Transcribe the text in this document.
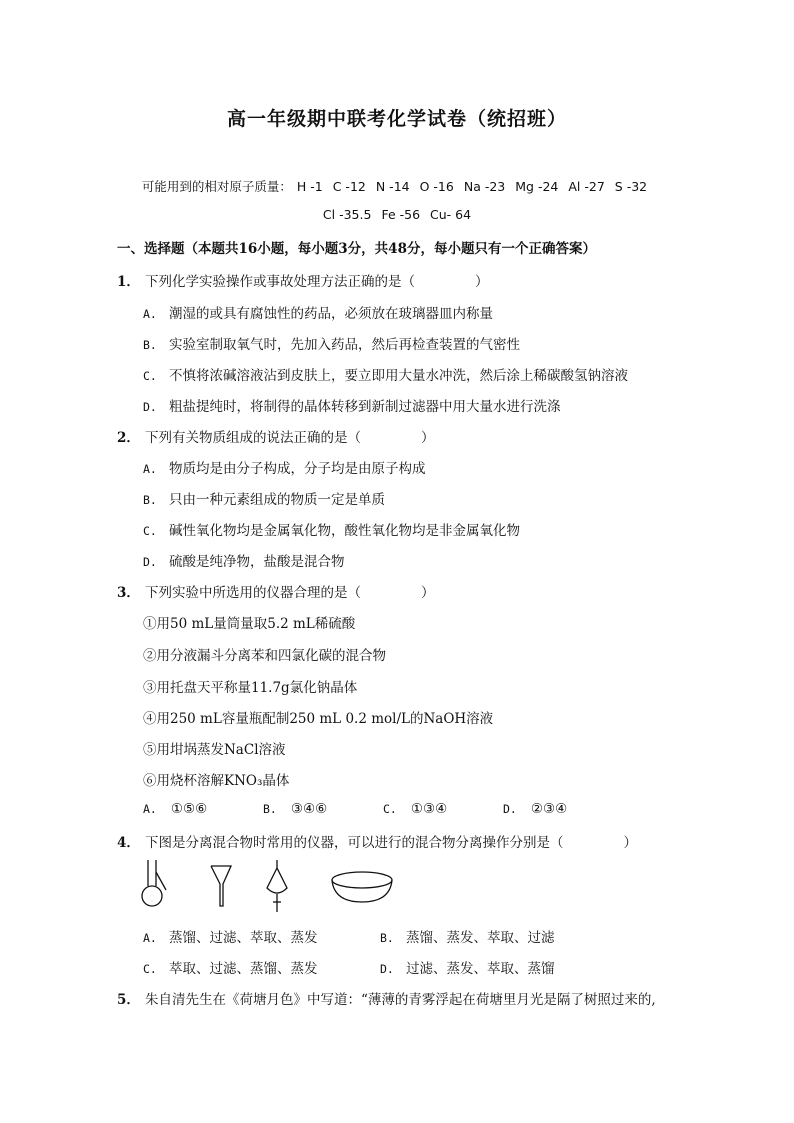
高一年级期中联考化学试卷（统招班）
可能用到的相对原子质量： H -1 C -12 N -14 O -16 Na -23 Mg -24 Al -27 S -32
Cl -35.5 Fe -56 Cu- 64
一、选择题（本题共16小题，每小题3分，共48分，每小题只有一个正确答案）
1． 下列化学实验操作或事故处理方法正确的是（	）
A. 潮湿的或具有腐蚀性的药品，必须放在玻璃器皿内称量
B. 实验室制取氧气时，先加入药品，然后再检查装置的气密性
C. 不慎将浓碱溶液沾到皮肤上，要立即用大量水冲洗，然后涂上稀碳酸氢钠溶液
D. 粗盐提纯时，将制得的晶体转移到新制过滤器中用大量水进行洗涤
2． 下列有关物质组成的说法正确的是（	）
A. 物质均是由分子构成，分子均是由原子构成
B. 只由一种元素组成的物质一定是单质
C. 碱性氧化物均是金属氧化物，酸性氧化物均是非金属氧化物
D. 硫酸是纯净物，盐酸是混合物
3． 下列实验中所选用的仪器合理的是（	）
①用50 mL量筒量取5.2 mL稀硫酸
②用分液漏斗分离苯和四氯化碳的混合物
③用托盘天平称量11.7g氯化钠晶体
④用250 mL容量瓶配制250 mL 0.2 mol/L的NaOH溶液
⑤用坩埚蒸发NaCl溶液
⑥用烧杯溶解KNO₃晶体
A. ①⑤⑥	B. ③④⑥	C. ①③④	D. ②③④
4． 下图是分离混合物时常用的仪器，可以进行的混合物分离操作分别是（	）
A. 蒸馏、过滤、萃取、蒸发	B. 蒸馏、蒸发、萃取、过滤
C. 萃取、过滤、蒸馏、蒸发	D. 过滤、蒸发、萃取、蒸馏
5． 朱自清先生在《荷塘月色》中写道：“薄薄的青雾浮起在荷塘里月光是隔了树照过来的,
